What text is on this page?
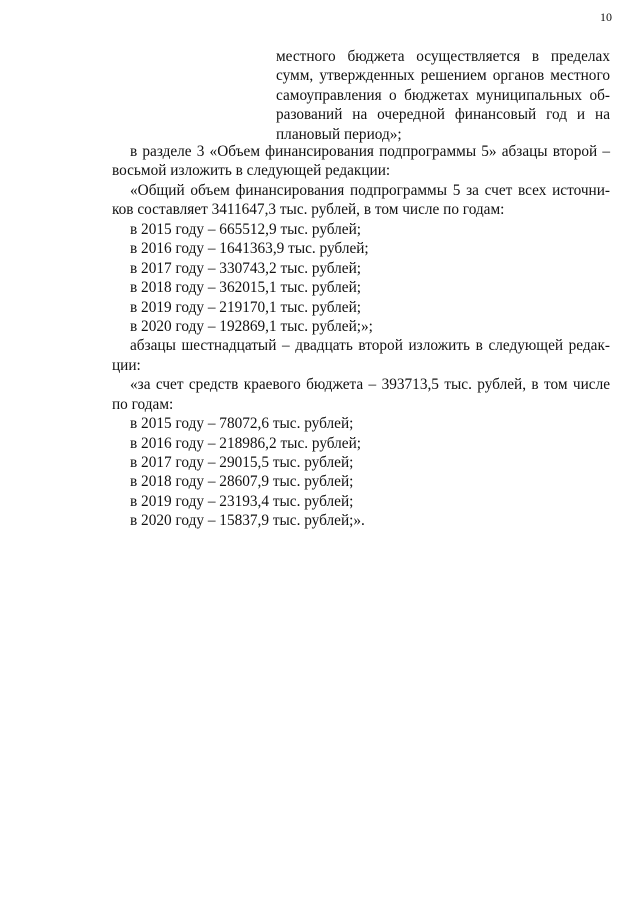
10
местного бюджета осуществляется в пределах
сумм, утвержденных решением органов местного
самоуправления о бюджетах муниципальных об-
разований на очередной финансовый год и на
плановый период»;
в разделе 3 «Объем финансирования подпрограммы 5» абзацы второй –
восьмой изложить в следующей редакции:
«Общий объем финансирования подпрограммы 5 за счет всех источни-
ков составляет 3411647,3 тыс. рублей, в том числе по годам:
в 2015 году – 665512,9 тыс. рублей;
в 2016 году – 1641363,9 тыс. рублей;
в 2017 году – 330743,2 тыс. рублей;
в 2018 году – 362015,1 тыс. рублей;
в 2019 году – 219170,1 тыс. рублей;
в 2020 году – 192869,1 тыс. рублей;»;
абзацы шестнадцатый – двадцать второй изложить в следующей редак-
ции:
«за счет средств краевого бюджета – 393713,5 тыс. рублей, в том числе
по годам:
в 2015 году – 78072,6 тыс. рублей;
в 2016 году – 218986,2 тыс. рублей;
в 2017 году – 29015,5 тыс. рублей;
в 2018 году – 28607,9 тыс. рублей;
в 2019 году – 23193,4 тыс. рублей;
в 2020 году – 15837,9 тыс. рублей;».
